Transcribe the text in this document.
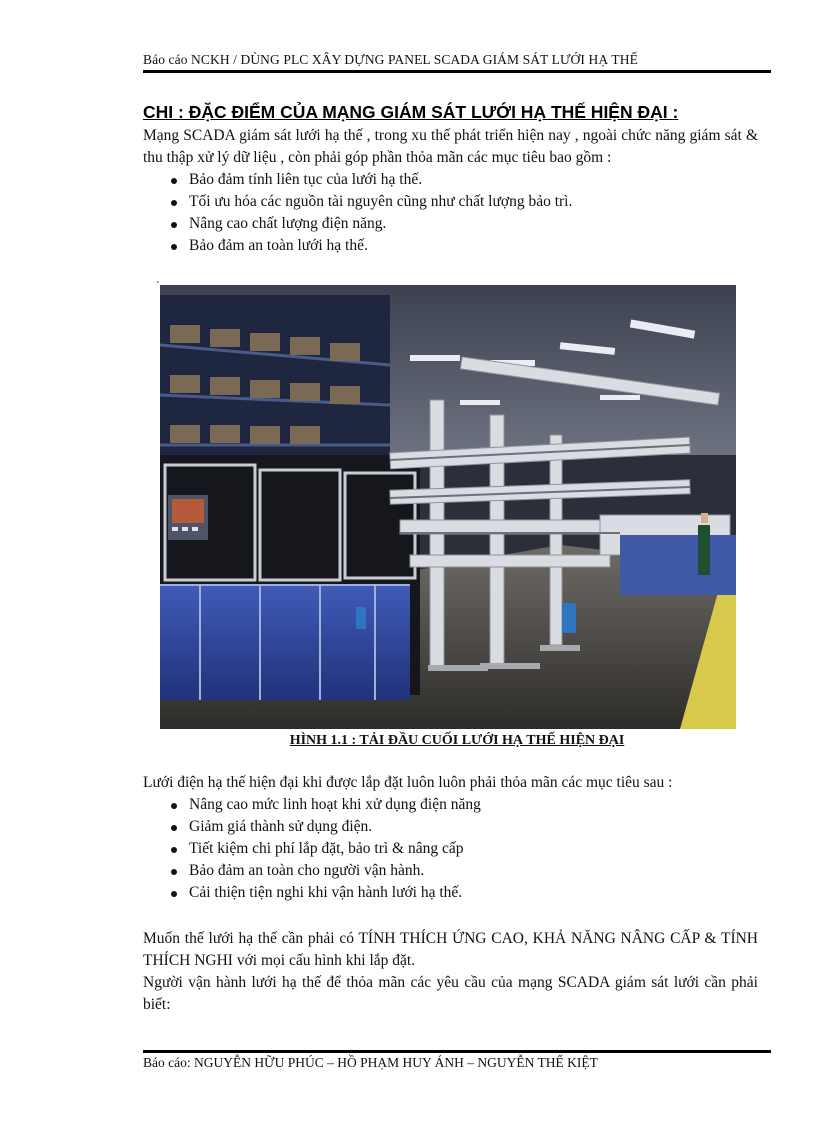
Báo cáo NCKH / DÙNG PLC XÂY DỰNG PANEL SCADA GIÁM SÁT LƯỚI HẠ THẾ
CHI : ĐẶC ĐIỂM CỦA MẠNG GIÁM SÁT LƯỚI HẠ THẾ HIỆN ĐẠI :

Mạng SCADA giám sát lưới hạ thế , trong xu thế phát triển hiện nay , ngoài chức năng giám sát & thu thập xử lý dữ liệu , còn phải góp phần thỏa mãn các mục tiêu bao gồm :

Bảo đảm tính liên tục của lưới hạ thế.
Tối ưu hóa các nguồn tài nguyên cũng như chất lượng bảo trì.
Nâng cao chất lượng điện năng.
Bảo đảm an toàn lưới hạ thế.
'
HÌNH 1.1 : TẢI ĐẦU CUỐI LƯỚI HẠ THẾ HIỆN ĐẠI

Lưới điện hạ thế hiện đại khi được lắp đặt luôn luôn phải thỏa mãn các mục tiêu sau :

Nâng cao mức linh hoạt khi xử dụng điện năng
Giảm giá thành sử dụng điện.
Tiết kiệm chi phí lắp đặt, bảo trì & nâng cấp
Bảo đảm an toàn cho người vận hành.
Cải thiện tiện nghi khi vận hành lưới hạ thế.

Muốn thế lưới hạ thế cần phải có TÍNH THÍCH ỨNG CAO, KHẢ NĂNG NÂNG CẤP & TÍNH THÍCH NGHI với mọi cấu hình khi lắp đặt.

Người vận hành lưới hạ thế để thỏa mãn các yêu cầu của mạng SCADA giám sát lưới cần phải biết:

Báo cáo: NGUYỄN HỮU PHÚC – HỒ PHẠM HUY ÁNH – NGUYỄN THẾ KIỆT
